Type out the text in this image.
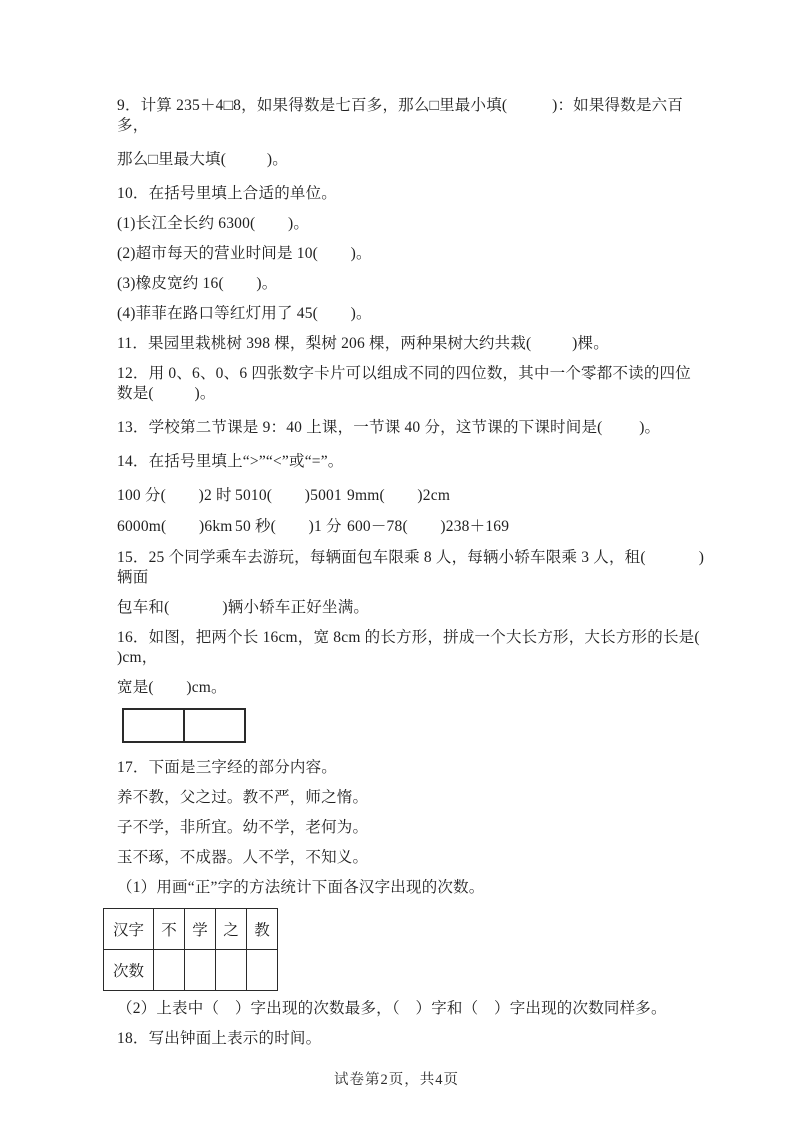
9．计算 235＋4□8，如果得数是七百多，那么□里最小填(           )：如果得数是六百多，
那么□里最大填(          )。
10．在括号里填上合适的单位。
(1)长江全长约 6300(        )。
(2)超市每天的营业时间是 10(        )。
(3)橡皮宽约 16(        )。
(4)菲菲在路口等红灯用了 45(        )。
11．果园里栽桃树 398 棵，梨树 206 棵，两种果树大约共栽(          )棵。
12．用 0、6、0、6 四张数字卡片可以组成不同的四位数，其中一个零都不读的四位数是(          )。
13．学校第二节课是 9：40 上课，一节课 40 分，这节课的下课时间是(         )。
14．在括号里填上“>”“<”或“=”。
100 分(        )2 时 5010(        )5001 9mm(        )2cm
6000m(        )6km 50 秒(        )1 分 600－78(        )238＋169
15．25 个同学乘车去游玩，每辆面包车限乘 8 人，每辆小轿车限乘 3 人，租(             )辆面
包车和(             )辆小轿车正好坐满。
16．如图，把两个长 16cm，宽 8cm 的长方形，拼成一个大长方形，大长方形的长是(         )cm，
宽是(        )cm。
17．下面是三字经的部分内容。
养不教，父之过。教不严，师之惰。
子不学，非所宜。幼不学，老何为。
玉不琢，不成器。人不学，不知义。
（1）用画“正”字的方法统计下面各汉字出现的次数。
汉字	不	学	之	教
次数				
（2）上表中（　）字出现的次数最多，（　）字和（　）字出现的次数同样多。
18．写出钟面上表示的时间。
试卷第2页，共4页
